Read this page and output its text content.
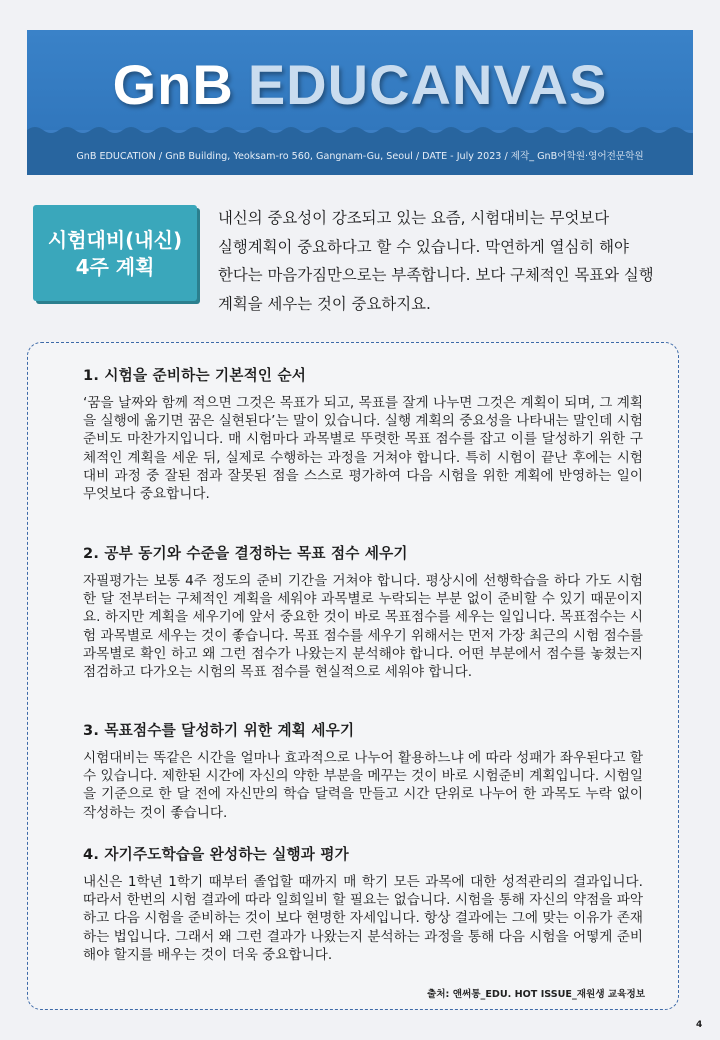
GnB EDUCANVAS
GnB EDUCATION / GnB Building, Yeoksam-ro 560, Gangnam-Gu, Seoul / DATE - July 2023 / 제작_ GnB어학원·영어전문학원
시험대비(내신)
4주 계획

내신의 중요성이 강조되고 있는 요즘, 시험대비는 무엇보다

실행계획이 중요하다고 할 수 있습니다. 막연하게 열심히 해야

한다는 마음가짐만으로는 부족합니다. 보다 구체적인 목표와 실행

계획을 세우는 것이 중요하지요.

1. 시험을 준비하는 기본적인 순서

‘꿈을 날짜와 함께 적으면 그것은 목표가 되고, 목표를 잘게 나누면 그것은 계획이 되며, 그 계획을 실행에 옮기면 꿈은 실현된다’는 말이 있습니다. 실행 계획의 중요성을 나타내는 말인데 시험 준비도 마찬가지입니다. 매 시험마다 과목별로 뚜렷한 목표 점수를 잡고 이를 달성하기 위한 구체적인 계획을 세운 뒤, 실제로 수행하는 과정을 거쳐야 합니다. 특히 시험이 끝난 후에는 시험 대비 과정 중 잘된 점과 잘못된 점을 스스로 평가하여 다음 시험을 위한 계획에 반영하는 일이 무엇보다 중요합니다.

2. 공부 동기와 수준을 결정하는 목표 점수 세우기

자필평가는 보통 4주 정도의 준비 기간을 거쳐야 합니다. 평상시에 선행학습을 하다 가도 시험 한 달 전부터는 구체적인 계획을 세워야 과목별로 누락되는 부분 없이 준비할 수 있기 때문이지요. 하지만 계획을 세우기에 앞서 중요한 것이 바로 목표점수를 세우는 일입니다. 목표점수는 시험 과목별로 세우는 것이 좋습니다. 목표 점수를 세우기 위해서는 먼저 가장 최근의 시험 점수를 과목별로 확인 하고 왜 그런 점수가 나왔는지 분석해야 합니다. 어떤 부분에서 점수를 놓쳤는지 점검하고 다가오는 시험의 목표 점수를 현실적으로 세워야 합니다.

3. 목표점수를 달성하기 위한 계획 세우기

시험대비는 똑같은 시간을 얼마나 효과적으로 나누어 활용하느냐 에 따라 성패가 좌우된다고 할 수 있습니다. 제한된 시간에 자신의 약한 부분을 메꾸는 것이 바로 시험준비 계획입니다. 시험일을 기준으로 한 달 전에 자신만의 학습 달력을 만들고 시간 단위로 나누어 한 과목도 누락 없이 작성하는 것이 좋습니다.

4. 자기주도학습을 완성하는 실행과 평가

내신은 1학년 1학기 때부터 졸업할 때까지 매 학기 모든 과목에 대한 성적관리의 결과입니다. 따라서 한번의 시험 결과에 따라 일희일비 할 필요는 없습니다. 시험을 통해 자신의 약점을 파악하고 다음 시험을 준비하는 것이 보다 현명한 자세입니다. 항상 결과에는 그에 맞는 이유가 존재하는 법입니다. 그래서 왜 그런 결과가 나왔는지 분석하는 과정을 통해 다음 시험을 어떻게 준비해야 할지를 배우는 것이 더욱 중요합니다.

출처: 앤써통_EDU. HOT ISSUE_재원생 교육정보
4
